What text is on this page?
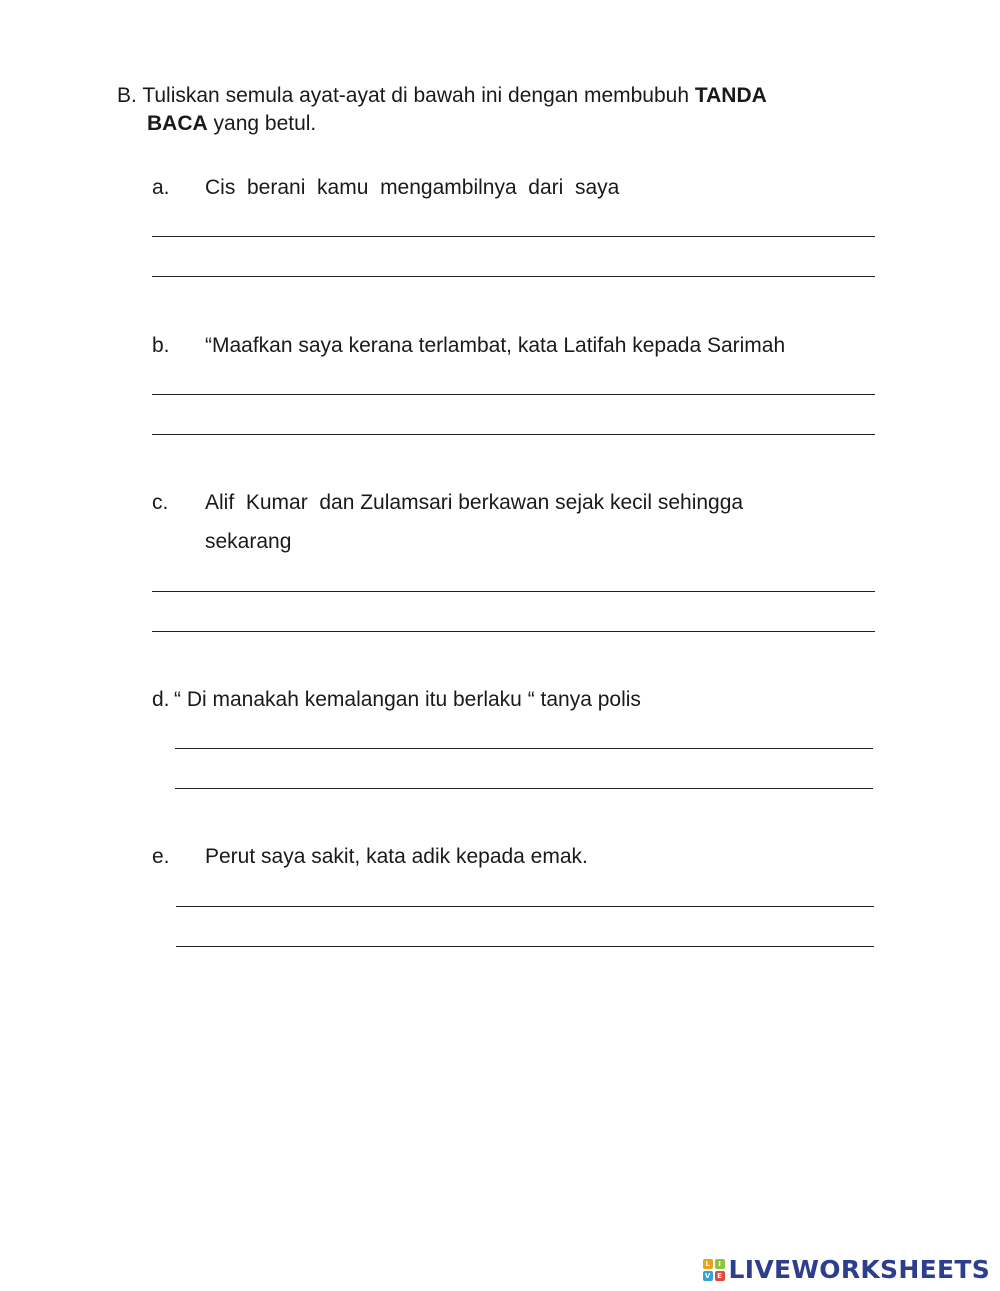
B. Tuliskan semula ayat-ayat di bawah ini dengan membubuh TANDA
BACA yang betul.
a. Cis  berani  kamu  mengambilnya  dari  saya
b. “Maafkan saya kerana terlambat, kata Latifah kepada Sarimah
c. Alif  Kumar  dan Zulamsari berkawan sejak kecil sehingga
sekarang
d. “ Di manakah kemalangan itu berlaku “ tanya polis
e. Perut saya sakit, kata adik kepada emak.
L	I
V E LIVEWORKSHEETS
